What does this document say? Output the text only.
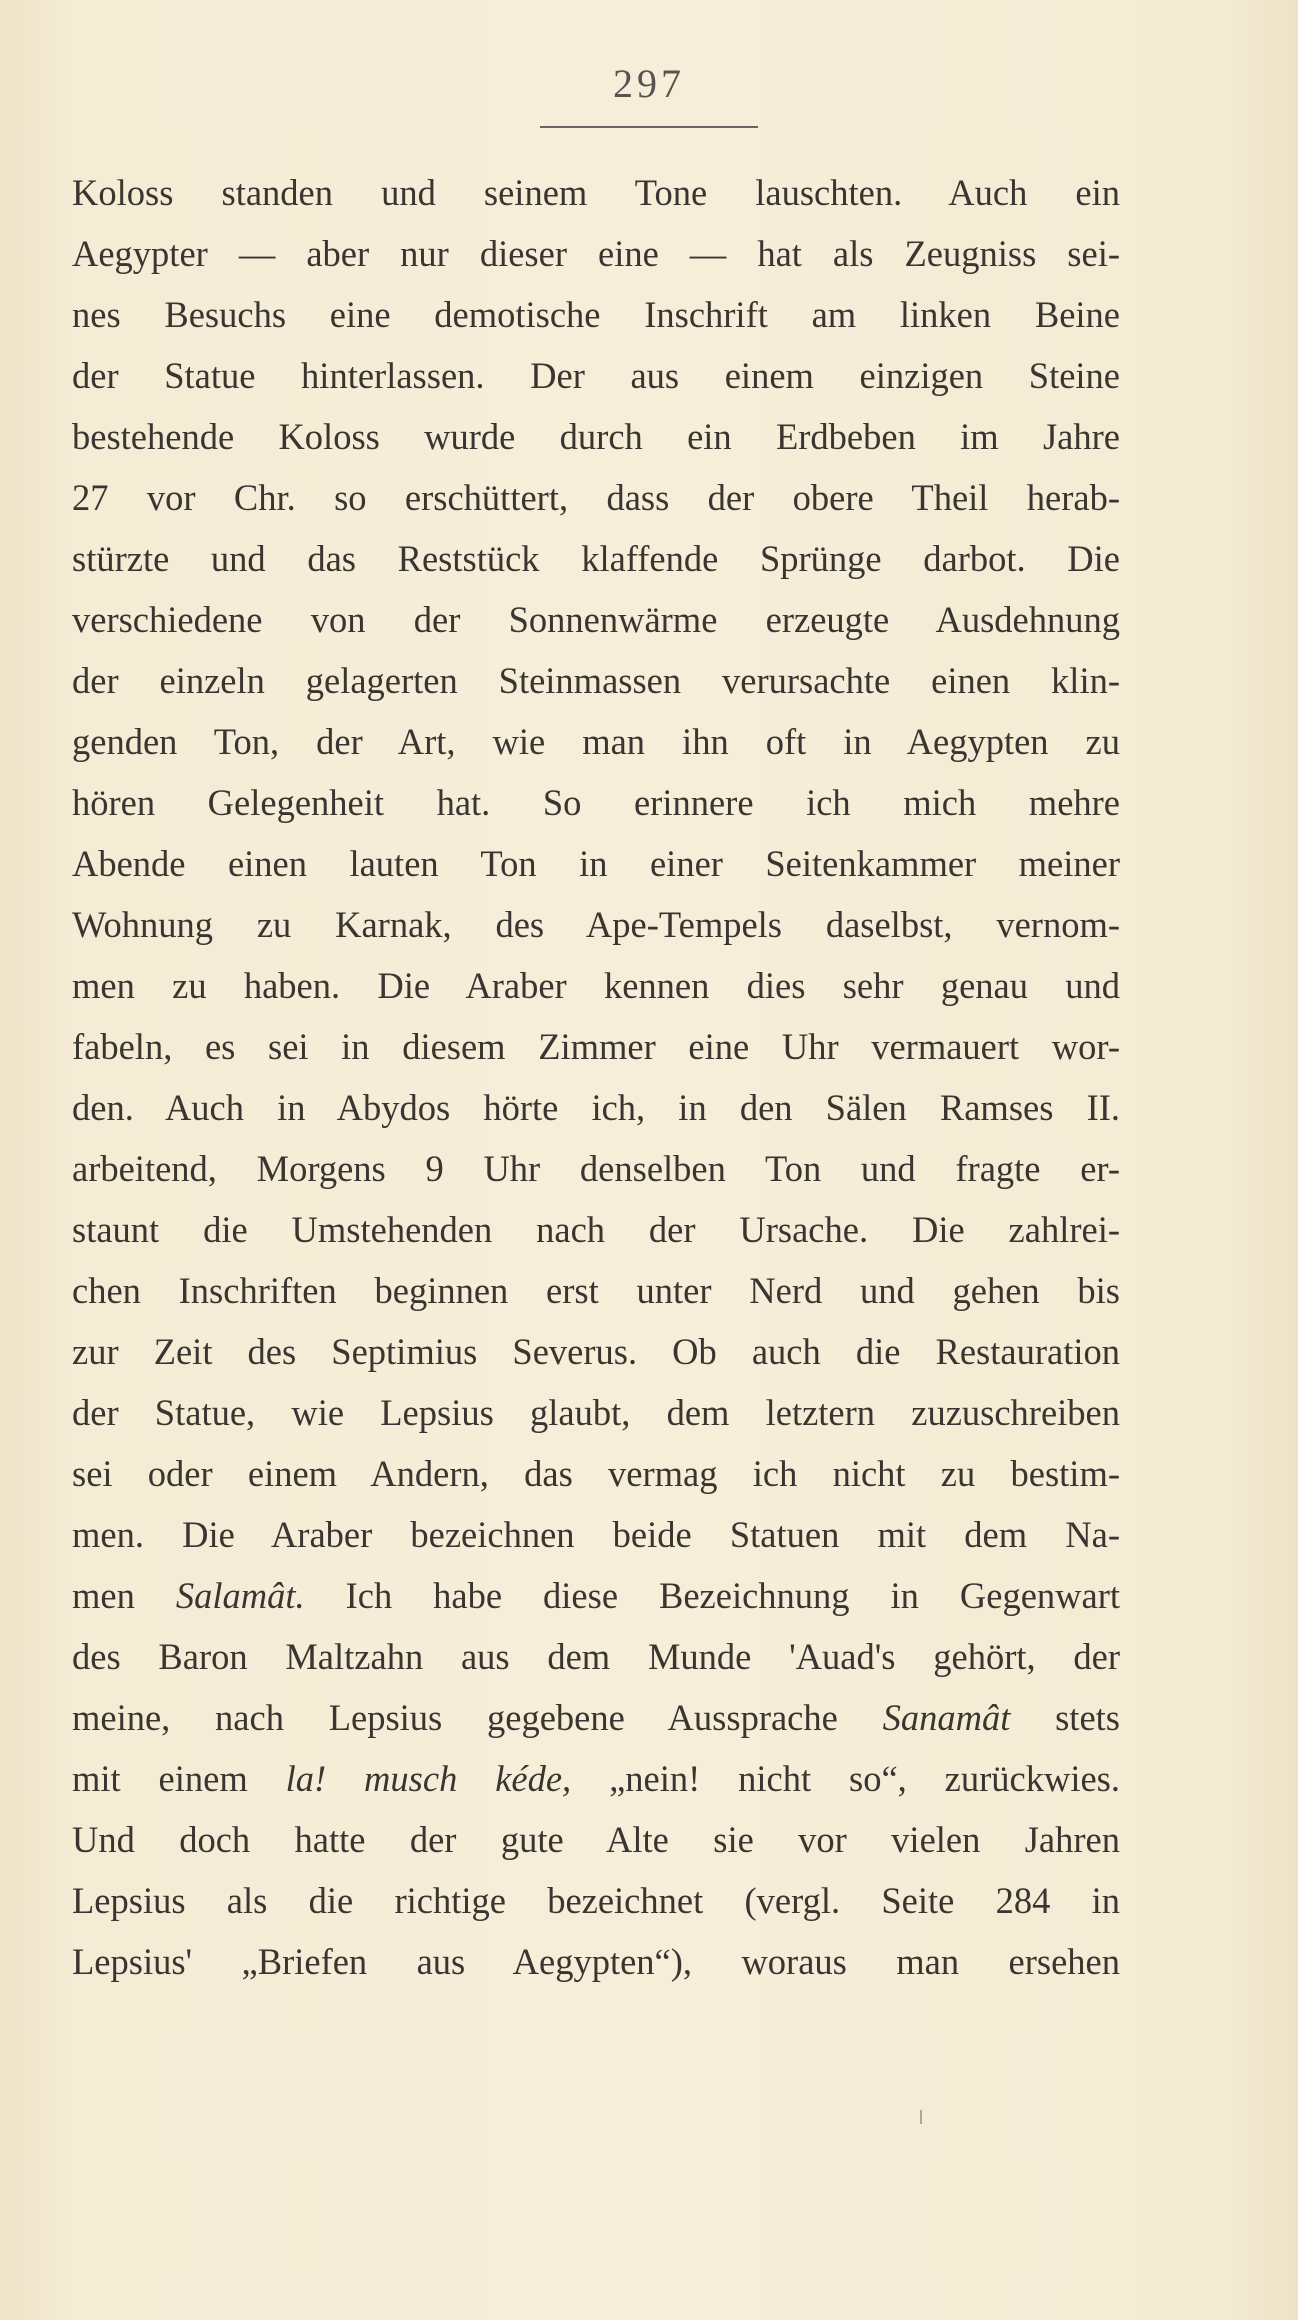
297
Koloss standen und seinem Tone lauschten. Auch ein
Aegypter — aber nur dieser eine — hat als Zeugniss sei-
nes Besuchs eine demotische Inschrift am linken Beine
der Statue hinterlassen. Der aus einem einzigen Steine
bestehende Koloss wurde durch ein Erdbeben im Jahre
27 vor Chr. so erschüttert, dass der obere Theil herab-
stürzte und das Reststück klaffende Sprünge darbot. Die
verschiedene von der Sonnenwärme erzeugte Ausdehnung
der einzeln gelagerten Steinmassen verursachte einen klin-
genden Ton, der Art, wie man ihn oft in Aegypten zu
hören Gelegenheit hat. So erinnere ich mich mehre
Abende einen lauten Ton in einer Seitenkammer meiner
Wohnung zu Karnak, des Ape-Tempels daselbst, vernom-
men zu haben. Die Araber kennen dies sehr genau und
fabeln, es sei in diesem Zimmer eine Uhr vermauert wor-
den. Auch in Abydos hörte ich, in den Sälen Ramses II.
arbeitend, Morgens 9 Uhr denselben Ton und fragte er-
staunt die Umstehenden nach der Ursache. Die zahlrei-
chen Inschriften beginnen erst unter Nerd und gehen bis
zur Zeit des Septimius Severus. Ob auch die Restauration
der Statue, wie Lepsius glaubt, dem letztern zuzuschreiben
sei oder einem Andern, das vermag ich nicht zu bestim-
men. Die Araber bezeichnen beide Statuen mit dem Na-
men Salamât. Ich habe diese Bezeichnung in Gegenwart
des Baron Maltzahn aus dem Munde 'Auad's gehört, der
meine, nach Lepsius gegebene Aussprache Sanamât stets
mit einem la! musch kéde, „nein! nicht so“, zurückwies.
Und doch hatte der gute Alte sie vor vielen Jahren
Lepsius als die richtige bezeichnet (vergl. Seite 284 in
Lepsius' „Briefen aus Aegypten“), woraus man ersehen
